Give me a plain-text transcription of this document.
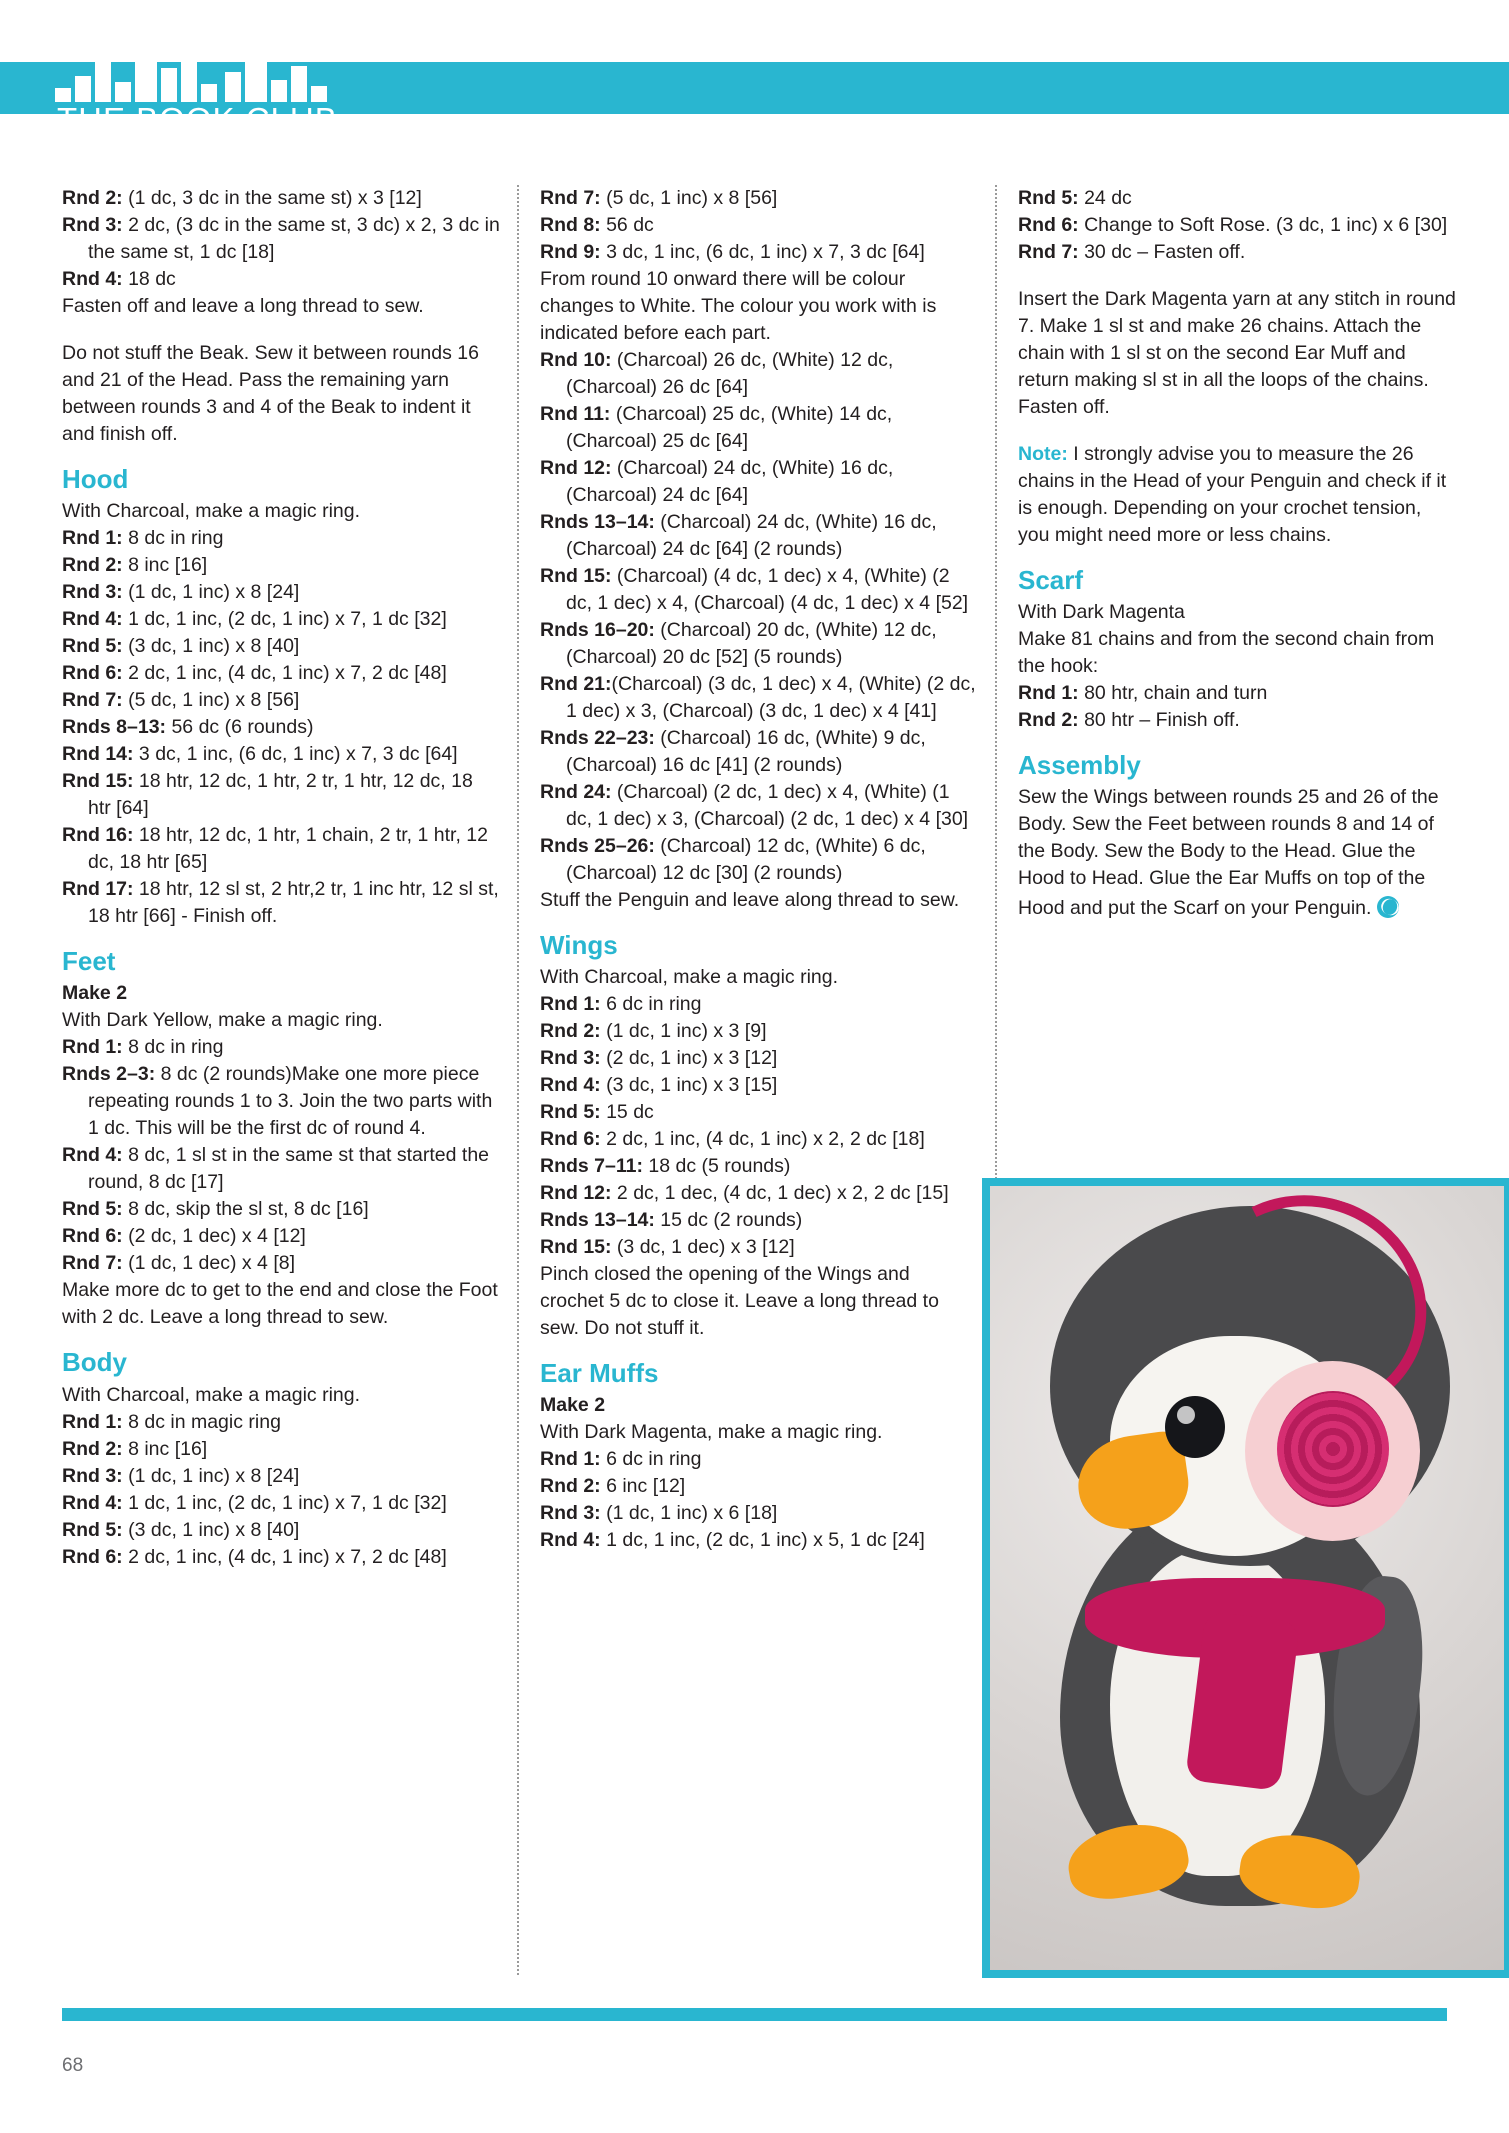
THE BOOK CLUB

Rnd 2: (1 dc, 3 dc in the same st) x 3 [12]

Rnd 3: 2 dc, (3 dc in the same st, 3 dc) x 2, 3 dc in the same st, 1 dc [18]

Rnd 4: 18 dc

Fasten off and leave a long thread to sew.

Do not stuff the Beak. Sew it between rounds 16 and 21 of the Head. Pass the remaining yarn between rounds 3 and 4 of the Beak to indent it and finish off.

Hood

With Charcoal, make a magic ring.

Rnd 1: 8 dc in ring

Rnd 2: 8 inc [16]

Rnd 3: (1 dc, 1 inc) x 8 [24]

Rnd 4: 1 dc, 1 inc, (2 dc, 1 inc) x 7, 1 dc [32]

Rnd 5: (3 dc, 1 inc) x 8 [40]

Rnd 6: 2 dc, 1 inc, (4 dc, 1 inc) x 7, 2 dc [48]

Rnd 7: (5 dc, 1 inc) x 8 [56]

Rnds 8–13: 56 dc (6 rounds)

Rnd 14: 3 dc, 1 inc, (6 dc, 1 inc) x 7, 3 dc [64]

Rnd 15: 18 htr, 12 dc, 1 htr, 2 tr, 1 htr, 12 dc, 18 htr [64]

Rnd 16: 18 htr, 12 dc, 1 htr, 1 chain, 2 tr, 1 htr, 12 dc, 18 htr [65]

Rnd 17: 18 htr, 12 sl st, 2 htr,2 tr, 1 inc htr, 12 sl st, 18 htr [66] - Finish off.

Feet

Make 2

With Dark Yellow, make a magic ring.

Rnd 1: 8 dc in ring

Rnds 2–3: 8 dc (2 rounds)Make one more piece repeating rounds 1 to 3. Join the two parts with 1 dc. This will be the first dc of round 4.

Rnd 4: 8 dc, 1 sl st in the same st that started the round, 8 dc [17]

Rnd 5: 8 dc, skip the sl st, 8 dc [16]

Rnd 6: (2 dc, 1 dec) x 4 [12]

Rnd 7: (1 dc, 1 dec) x 4 [8]

Make more dc to get to the end and close the Foot with 2 dc. Leave a long thread to sew.

Body

With Charcoal, make a magic ring.

Rnd 1: 8 dc in magic ring

Rnd 2: 8 inc [16]

Rnd 3: (1 dc, 1 inc) x 8 [24]

Rnd 4: 1 dc, 1 inc, (2 dc, 1 inc) x 7, 1 dc [32]

Rnd 5: (3 dc, 1 inc) x 8 [40]

Rnd 6: 2 dc, 1 inc, (4 dc, 1 inc) x 7, 2 dc [48]

Rnd 7: (5 dc, 1 inc) x 8 [56]

Rnd 8: 56 dc

Rnd 9: 3 dc, 1 inc, (6 dc, 1 inc) x 7, 3 dc [64]

From round 10 onward there will be colour changes to White. The colour you work with is indicated before each part.

Rnd 10: (Charcoal) 26 dc, (White) 12 dc, (Charcoal) 26 dc [64]

Rnd 11: (Charcoal) 25 dc, (White) 14 dc, (Charcoal) 25 dc [64]

Rnd 12: (Charcoal) 24 dc, (White) 16 dc, (Charcoal) 24 dc [64]

Rnds 13–14: (Charcoal) 24 dc, (White) 16 dc, (Charcoal) 24 dc [64] (2 rounds)

Rnd 15: (Charcoal) (4 dc, 1 dec) x 4, (White) (2 dc, 1 dec) x 4, (Charcoal) (4 dc, 1 dec) x 4 [52]

Rnds 16–20: (Charcoal) 20 dc, (White) 12 dc, (Charcoal) 20 dc [52] (5 rounds)

Rnd 21:(Charcoal) (3 dc, 1 dec) x 4, (White) (2 dc, 1 dec) x 3, (Charcoal) (3 dc, 1 dec) x 4 [41]

Rnds 22–23: (Charcoal) 16 dc, (White) 9 dc, (Charcoal) 16 dc [41] (2 rounds)

Rnd 24: (Charcoal) (2 dc, 1 dec) x 4, (White) (1 dc, 1 dec) x 3, (Charcoal) (2 dc, 1 dec) x 4 [30]

Rnds 25–26: (Charcoal) 12 dc, (White) 6 dc, (Charcoal) 12 dc [30] (2 rounds)

Stuff the Penguin and leave along thread to sew.

Wings

With Charcoal, make a magic ring.

Rnd 1: 6 dc in ring

Rnd 2: (1 dc, 1 inc) x 3 [9]

Rnd 3: (2 dc, 1 inc) x 3 [12]

Rnd 4: (3 dc, 1 inc) x 3 [15]

Rnd 5: 15 dc

Rnd 6: 2 dc, 1 inc, (4 dc, 1 inc) x 2, 2 dc [18]

Rnds 7–11: 18 dc (5 rounds)

Rnd 12: 2 dc, 1 dec, (4 dc, 1 dec) x 2, 2 dc [15]

Rnds 13–14: 15 dc (2 rounds)

Rnd 15: (3 dc, 1 dec) x 3 [12]

Pinch closed the opening of the Wings and crochet 5 dc to close it. Leave a long thread to sew. Do not stuff it.

Ear Muffs

Make 2

With Dark Magenta, make a magic ring.

Rnd 1: 6 dc in ring

Rnd 2: 6 inc [12]

Rnd 3: (1 dc, 1 inc) x 6 [18]

Rnd 4: 1 dc, 1 inc, (2 dc, 1 inc) x 5, 1 dc [24]

Rnd 5: 24 dc

Rnd 6: Change to Soft Rose. (3 dc, 1 inc) x 6 [30]

Rnd 7: 30 dc – Fasten off.

Insert the Dark Magenta yarn at any stitch in round 7. Make 1 sl st and make 26 chains. Attach the chain with 1 sl st on the second Ear Muff and return making sl st in all the loops of the chains. Fasten off.

Note: I strongly advise you to measure the 26 chains in the Head of your Penguin and check if it is enough. Depending on your crochet tension, you might need more or less chains.

Scarf

With Dark Magenta

Make 81 chains and from the second chain from the hook:

Rnd 1: 80 htr, chain and turn

Rnd 2: 80 htr – Finish off.

Assembly

Sew the Wings between rounds 25 and 26 of the Body. Sew the Feet between rounds 8 and 14 of the Body. Sew the Body to the Head. Glue the Hood to Head. Glue the Ear Muffs on top of the Hood and put the Scarf on your Penguin.

68
